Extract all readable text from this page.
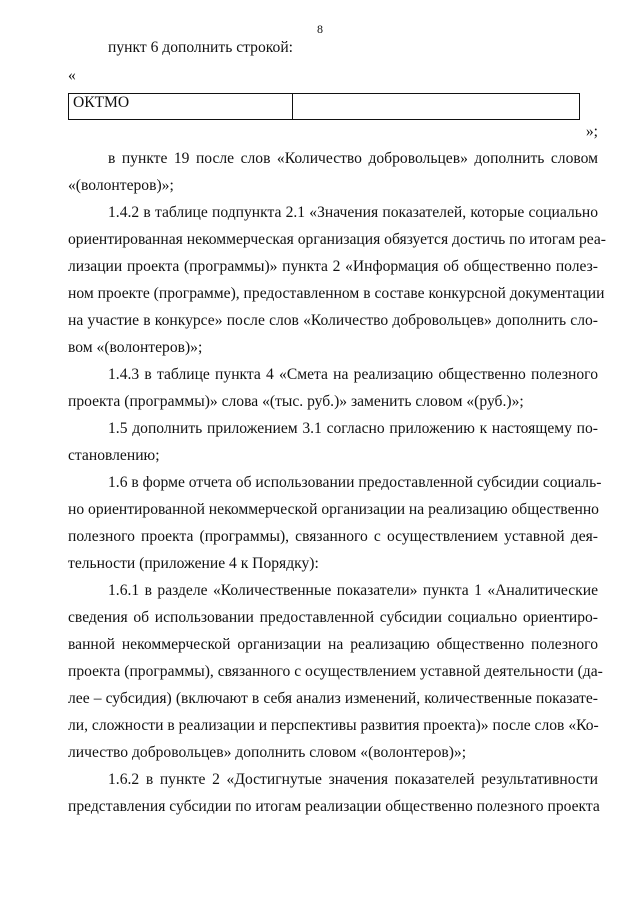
8
пункт 6 дополнить строкой:
«
ОКТМО	
»;
в пункте 19 после слов «Количество добровольцев» дополнить словом
«(волонтеров)»;
1.4.2 в таблице подпункта 2.1 «Значения показателей, которые социально
ориентированная некоммерческая организация обязуется достичь по итогам реа-
лизации проекта (программы)» пункта 2 «Информация об общественно полез-
ном проекте (программе), предоставленном в составе конкурсной документации
на участие в конкурсе» после слов «Количество добровольцев» дополнить сло-
вом «(волонтеров)»;
1.4.3 в таблице пункта 4 «Смета на реализацию общественно полезного
проекта (программы)» слова «(тыс. руб.)» заменить словом «(руб.)»;
1.5 дополнить приложением 3.1 согласно приложению к настоящему по-
становлению;
1.6 в форме отчета об использовании предоставленной субсидии социаль-
но ориентированной некоммерческой организации на реализацию общественно
полезного проекта (программы), связанного с осуществлением уставной дея-
тельности (приложение 4 к Порядку):
1.6.1 в разделе «Количественные показатели» пункта 1 «Аналитические
сведения об использовании предоставленной субсидии социально ориентиро-
ванной некоммерческой организации на реализацию общественно полезного
проекта (программы), связанного с осуществлением уставной деятельности (да-
лее – субсидия) (включают в себя анализ изменений, количественные показате-
ли, сложности в реализации и перспективы развития проекта)» после слов «Ко-
личество добровольцев» дополнить словом «(волонтеров)»;
1.6.2 в пункте 2 «Достигнутые значения показателей результативности
представления субсидии по итогам реализации общественно полезного проекта
